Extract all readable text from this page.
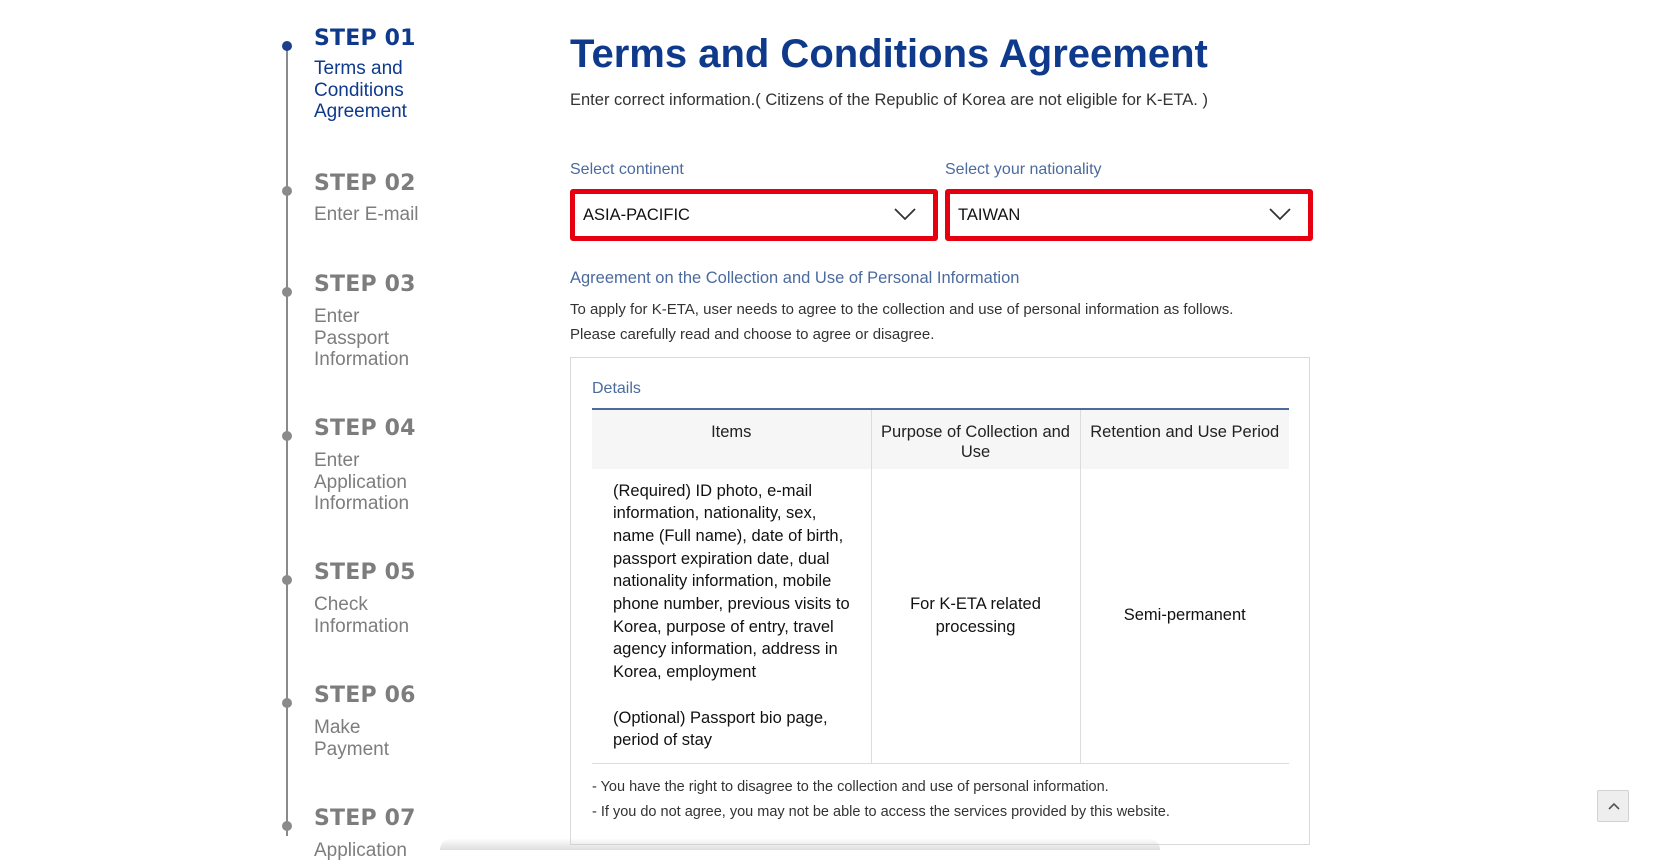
STEP 01
Terms and Conditions Agreement
STEP 02
Enter E-mail
STEP 03
Enter Passport Information
STEP 04
Enter Application Information
STEP 05
Check Information
STEP 06
Make Payment
STEP 07
Application
Terms and Conditions Agreement

Enter correct information.( Citizens of the Republic of Korea are not eligible for K-ETA. )

Select continent
ASIA-PACIFIC
Select your nationality
TAIWAN
Agreement on the Collection and Use of Personal Information

To apply for K-ETA, user needs to agree to the collection and use of personal information as follows. Please carefully read and choose to agree or disagree.

Details
Items	Purpose of Collection and Use	Retention and Use Period

(Required) ID photo, e-mail information, nationality, sex, name (Full name), date of birth, passport expiration date, dual nationality information, mobile phone number, previous visits to Korea, purpose of entry, travel agency information, address in Korea, employment

(Optional) Passport bio page, period of stay	For K-ETA related processing	Semi-permanent
- You have the right to disagree to the collection and use of personal information.
- If you do not agree, you may not be able to access the services provided by this website.
